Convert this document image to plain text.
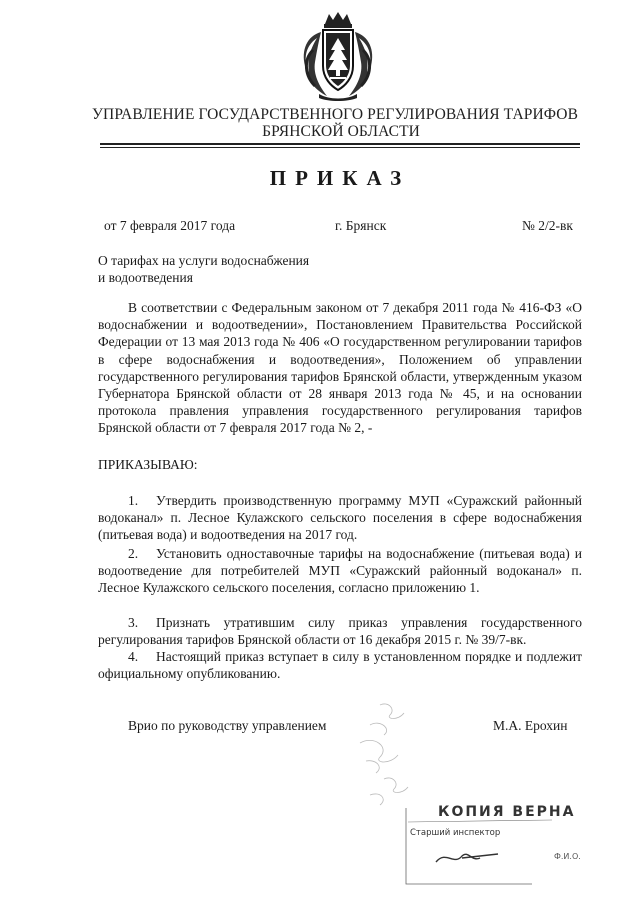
УПРАВЛЕНИЕ ГОСУДАРСТВЕННОГО РЕГУЛИРОВАНИЯ ТАРИФОВ
БРЯНСКОЙ ОБЛАСТИ
ПРИКАЗ
от 7 февраля 2017 года	г. Брянск	№ 2/2-вк
О тарифах на услуги водоснабжения
и водоотведения
В соответствии с Федеральным законом от 7 декабря 2011 года № 416-ФЗ «О водоснабжении и водоотведении», Постановлением Правительства Российской Федерации от 13 мая 2013 года № 406 «О государственном регулировании тарифов в сфере водоснабжения и водоотведения», Положением об управлении государственного регулирования тарифов Брянской области, утвержденным указом Губернатора Брянской области от 28 января 2013 года № 45, и на основании протокола правления управления государственного регулирования тарифов Брянской области от 7 февраля 2017 года № 2, -
ПРИКАЗЫВАЮ:
1. Утвердить производственную программу МУП «Суражский районный водоканал» п. Лесное Кулажского сельского поселения в сфере водоснабжения (питьевая вода) и водоотведения на 2017 год.
2. Установить одноставочные тарифы на водоснабжение (питьевая вода) и водоотведение для потребителей МУП «Суражский районный водоканал» п. Лесное Кулажского сельского поселения, согласно приложению 1.
3. Признать утратившим силу приказ управления государственного регулирования тарифов Брянской области от 16 декабря 2015 г. № 39/7-вк.
4. Настоящий приказ вступает в силу в установленном порядке и подлежит официальному опубликованию.
Врио по руководству управлением	М.А. Ерохин
КОПИЯ ВЕРНА
Старший инспектор
Ф.И.О.
